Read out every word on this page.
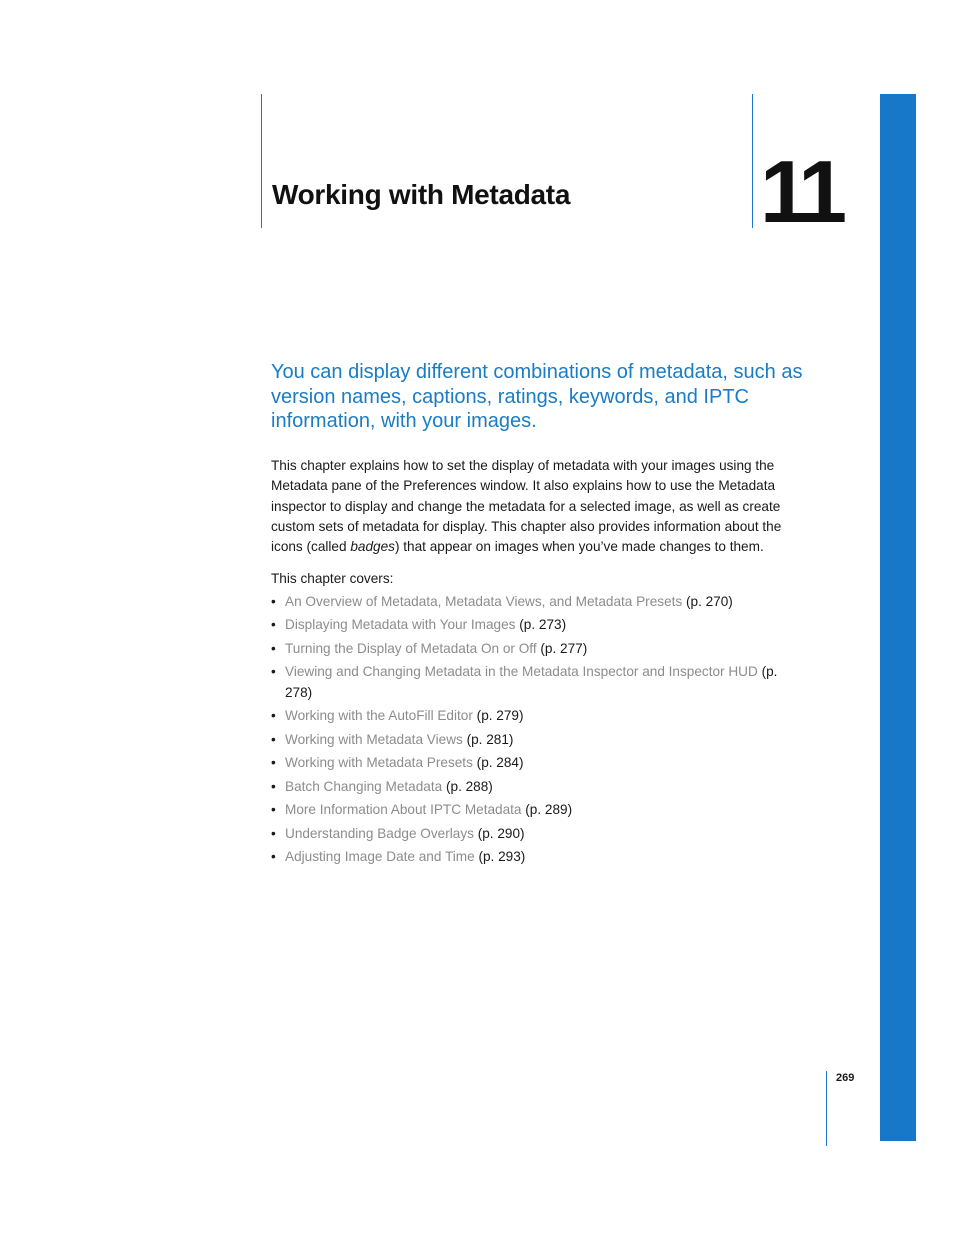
Working with Metadata 11

You can display different combinations of metadata, such as version names, captions, ratings, keywords, and IPTC information, with your images.

This chapter explains how to set the display of metadata with your images using the Metadata pane of the Preferences window. It also explains how to use the Metadata inspector to display and change the metadata for a selected image, as well as create custom sets of metadata for display. This chapter also provides information about the icons (called badges) that appear on images when you’ve made changes to them.

This chapter covers:

• An Overview of Metadata, Metadata Views, and Metadata Presets (p. 270)
• Displaying Metadata with Your Images (p. 273)
• Turning the Display of Metadata On or Off (p. 277)
• Viewing and Changing Metadata in the Metadata Inspector and Inspector HUD (p. 278)
• Working with the AutoFill Editor (p. 279)
• Working with Metadata Views (p. 281)
• Working with Metadata Presets (p. 284)
• Batch Changing Metadata (p. 288)
• More Information About IPTC Metadata (p. 289)
• Understanding Badge Overlays (p. 290)
• Adjusting Image Date and Time (p. 293)
269
